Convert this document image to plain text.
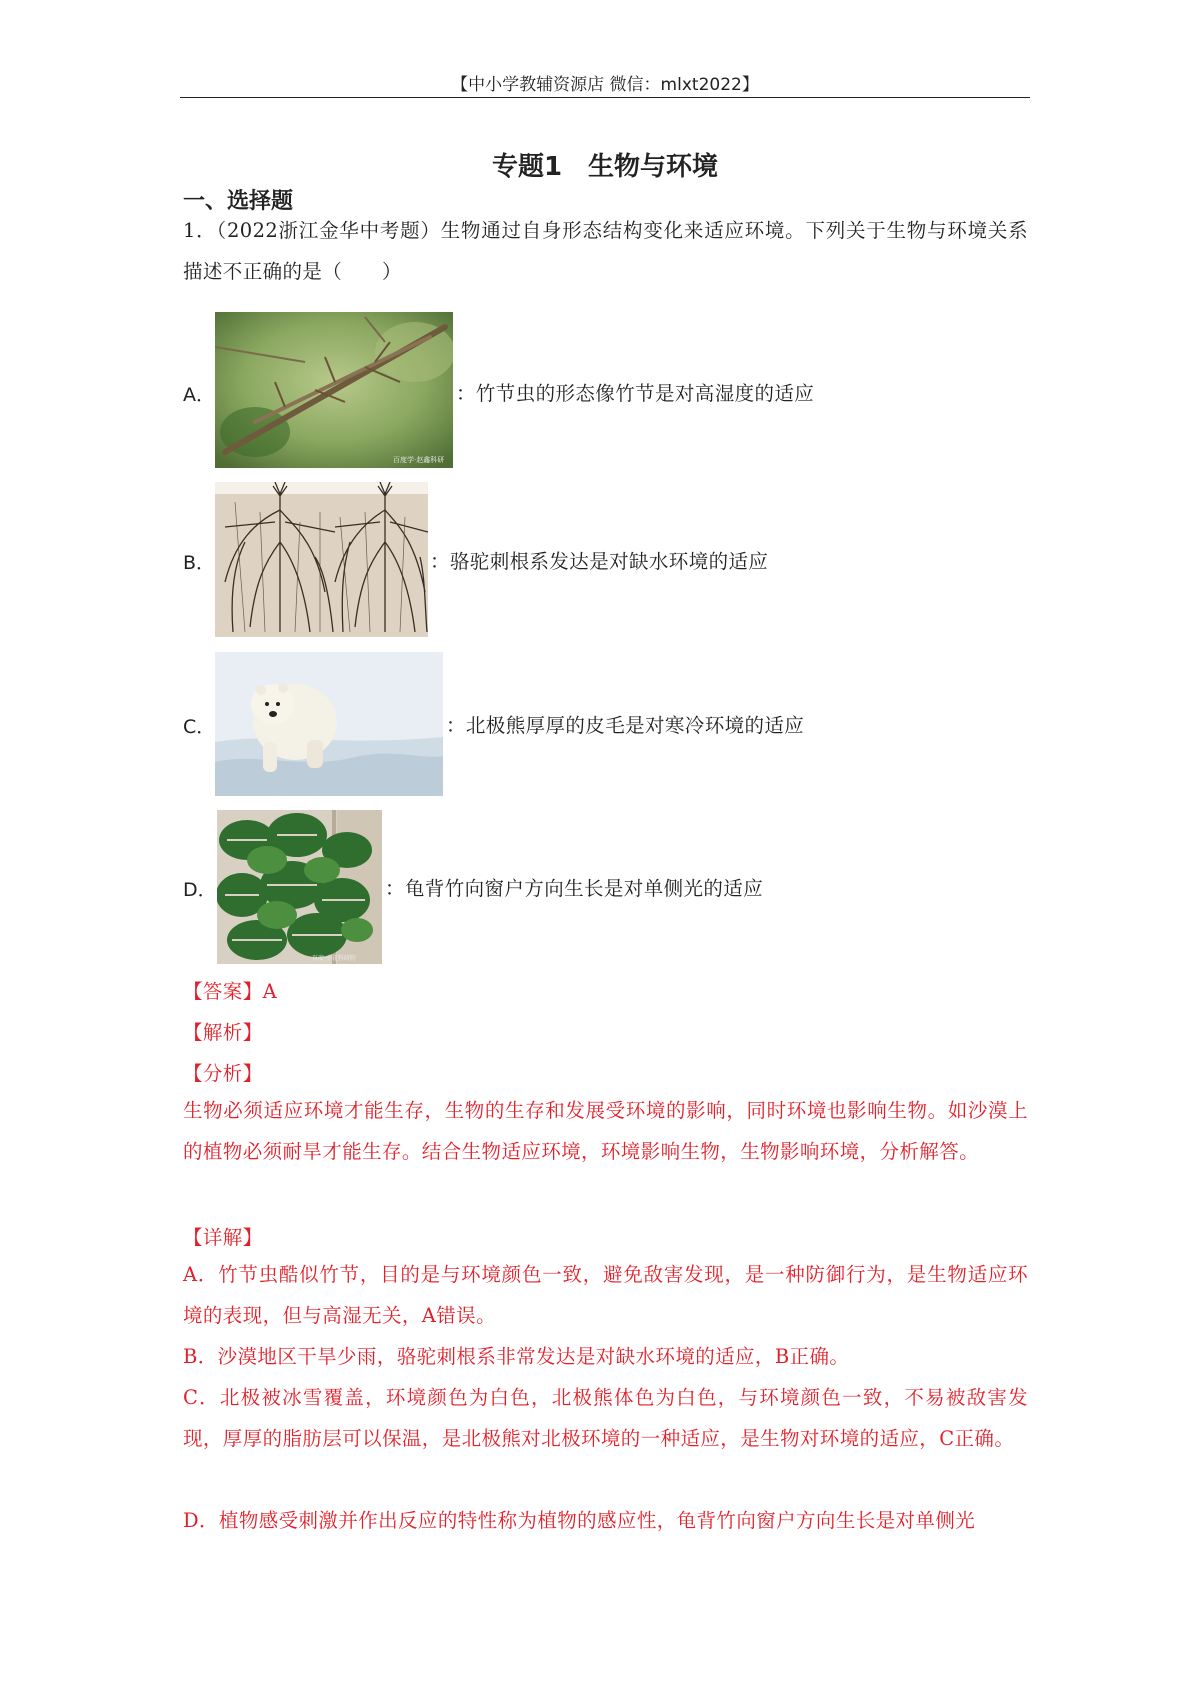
【中小学教辅资源店 微信：mlxt2022】
专题1　生物与环境
一、选择题
1．（2022浙江金华中考题）生物通过自身形态结构变化来适应环境。下列关于生物与环境关系描述不正确的是（　　）
A．
百度学·赵鑫科研
：竹节虫的形态像竹节是对高湿度的适应
B．	：骆驼刺根系发达是对缺水环境的适应
C．	：北极熊厚厚的皮毛是对寒冷环境的适应
D．
百度·小花科研院
：龟背竹向窗户方向生长是对单侧光的适应
【答案】A
【解析】
【分析】
生物必须适应环境才能生存，生物的生存和发展受环境的影响，同时环境也影响生物。如沙漠上的植物必须耐旱才能生存。结合生物适应环境，环境影响生物，生物影响环境，分析解答。
【详解】
A．竹节虫酷似竹节，目的是与环境颜色一致，避免敌害发现，是一种防御行为，是生物适应环境的表现，但与高湿无关，A错误。
B．沙漠地区干旱少雨，骆驼刺根系非常发达是对缺水环境的适应，B正确。
C．北极被冰雪覆盖，环境颜色为白色，北极熊体色为白色，与环境颜色一致，不易被敌害发现，厚厚的脂肪层可以保温，是北极熊对北极环境的一种适应，是生物对环境的适应，C正确。
D．植物感受刺激并作出反应的特性称为植物的感应性，龟背竹向窗户方向生长是对单侧光
